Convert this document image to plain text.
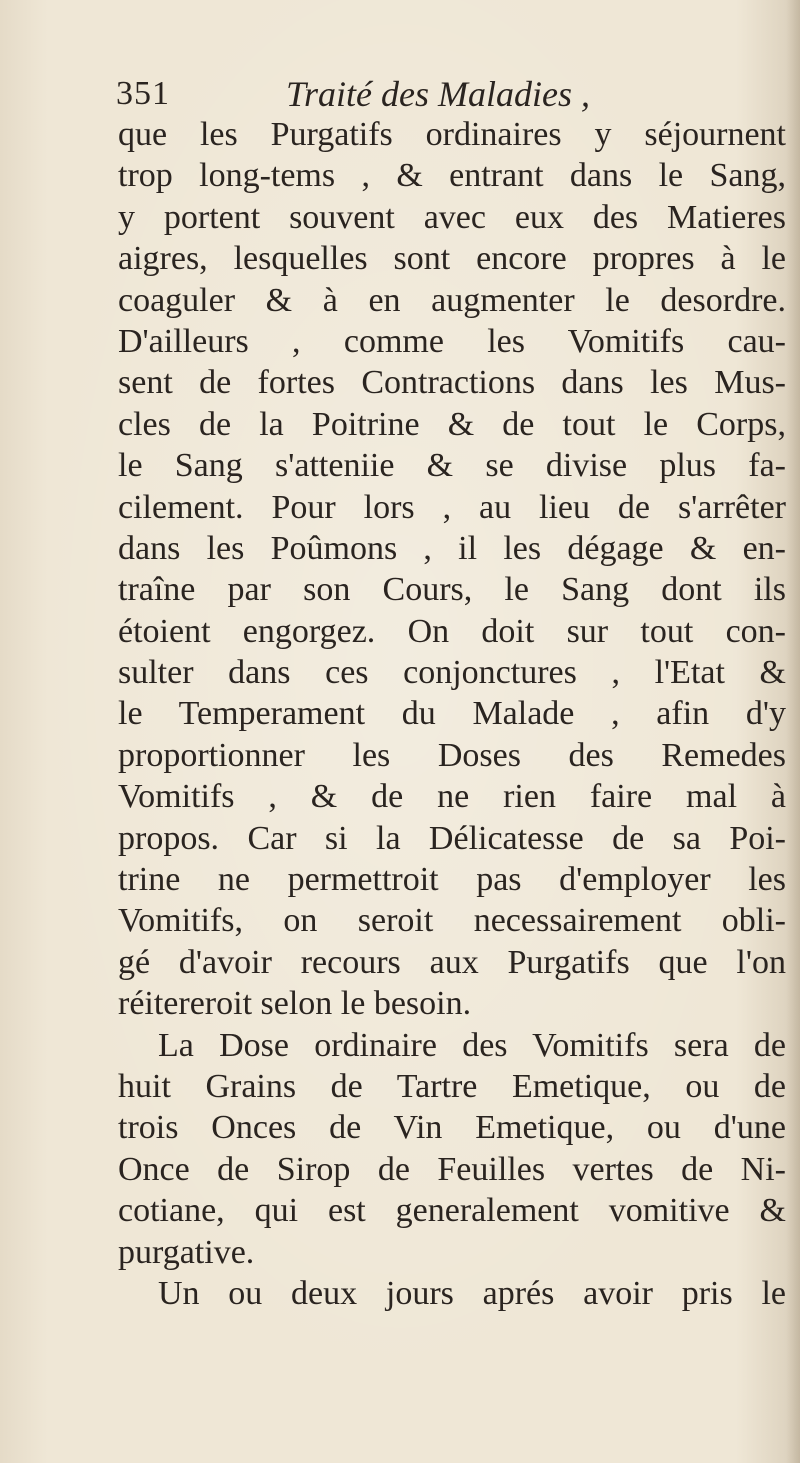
351	Traité des Maladies ,
que les Purgatifs ordinaires y séjournent
trop long-tems , & entrant dans le Sang,
y portent souvent avec eux des Matieres
aigres, lesquelles sont encore propres à le
coaguler & à en augmenter le desordre.
D'ailleurs , comme les Vomitifs cau-
sent de fortes Contractions dans les Mus-
cles de la Poitrine & de tout le Corps,
le Sang s'atteniie & se divise plus fa-
cilement. Pour lors , au lieu de s'arrêter
dans les Poûmons , il les dégage & en-
traîne par son Cours, le Sang dont ils
étoient engorgez. On doit sur tout con-
sulter dans ces conjonctures , l'Etat &
le Temperament du Malade , afin d'y
proportionner les Doses des Remedes
Vomitifs , & de ne rien faire mal à
propos. Car si la Délicatesse de sa Poi-
trine ne permettroit pas d'employer les
Vomitifs, on seroit necessairement obli-
gé d'avoir recours aux Purgatifs que l'on
réitereroit selon le besoin.
La Dose ordinaire des Vomitifs sera de
huit Grains de Tartre Emetique, ou de
trois Onces de Vin Emetique, ou d'une
Once de Sirop de Feuilles vertes de Ni-
cotiane, qui est generalement vomitive &
purgative.
Un ou deux jours aprés avoir pris le
